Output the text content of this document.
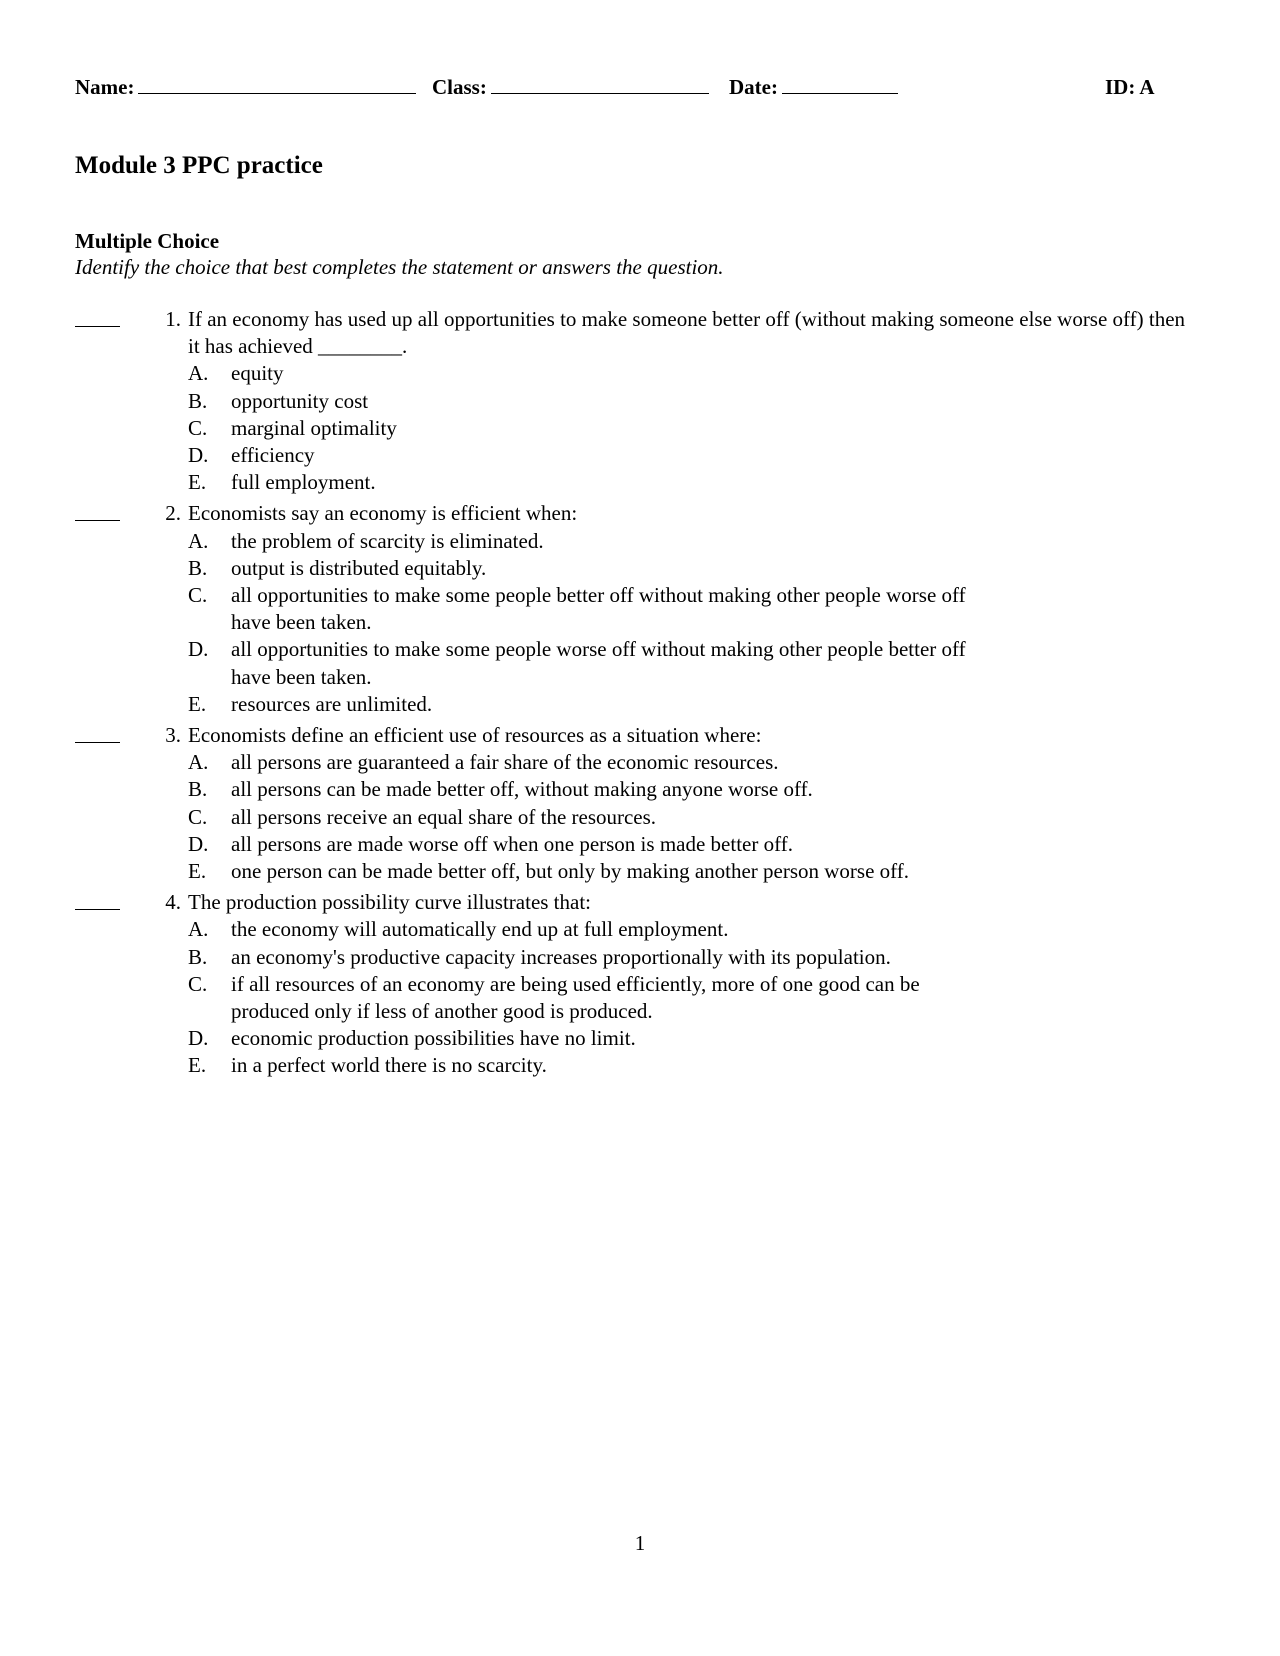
Name:	Class:	Date:	ID: A
Module 3 PPC practice
Multiple Choice
Identify the choice that best completes the statement or answers the question.
1. If an economy has used up all opportunities to make someone better off (without making someone else worse off) then it has achieved ________.
A.	equity
B.	opportunity cost
C.	marginal optimality
D.	efficiency
E.	full employment.
2. Economists say an economy is efficient when:
A.	the problem of scarcity is eliminated.
B.	output is distributed equitably.
C.	all opportunities to make some people better off without making other people worse off have been taken.
D.	all opportunities to make some people worse off without making other people better off have been taken.
E.	resources are unlimited.
3. Economists define an efficient use of resources as a situation where:
A.	all persons are guaranteed a fair share of the economic resources.
B.	all persons can be made better off, without making anyone worse off.
C.	all persons receive an equal share of the resources.
D.	all persons are made worse off when one person is made better off.
E.	one person can be made better off, but only by making another person worse off.
4. The production possibility curve illustrates that:
A.	the economy will automatically end up at full employment.
B.	an economy's productive capacity increases proportionally with its population.
C.	if all resources of an economy are being used efficiently, more of one good can be produced only if less of another good is produced.
D.	economic production possibilities have no limit.
E.	in a perfect world there is no scarcity.
1
